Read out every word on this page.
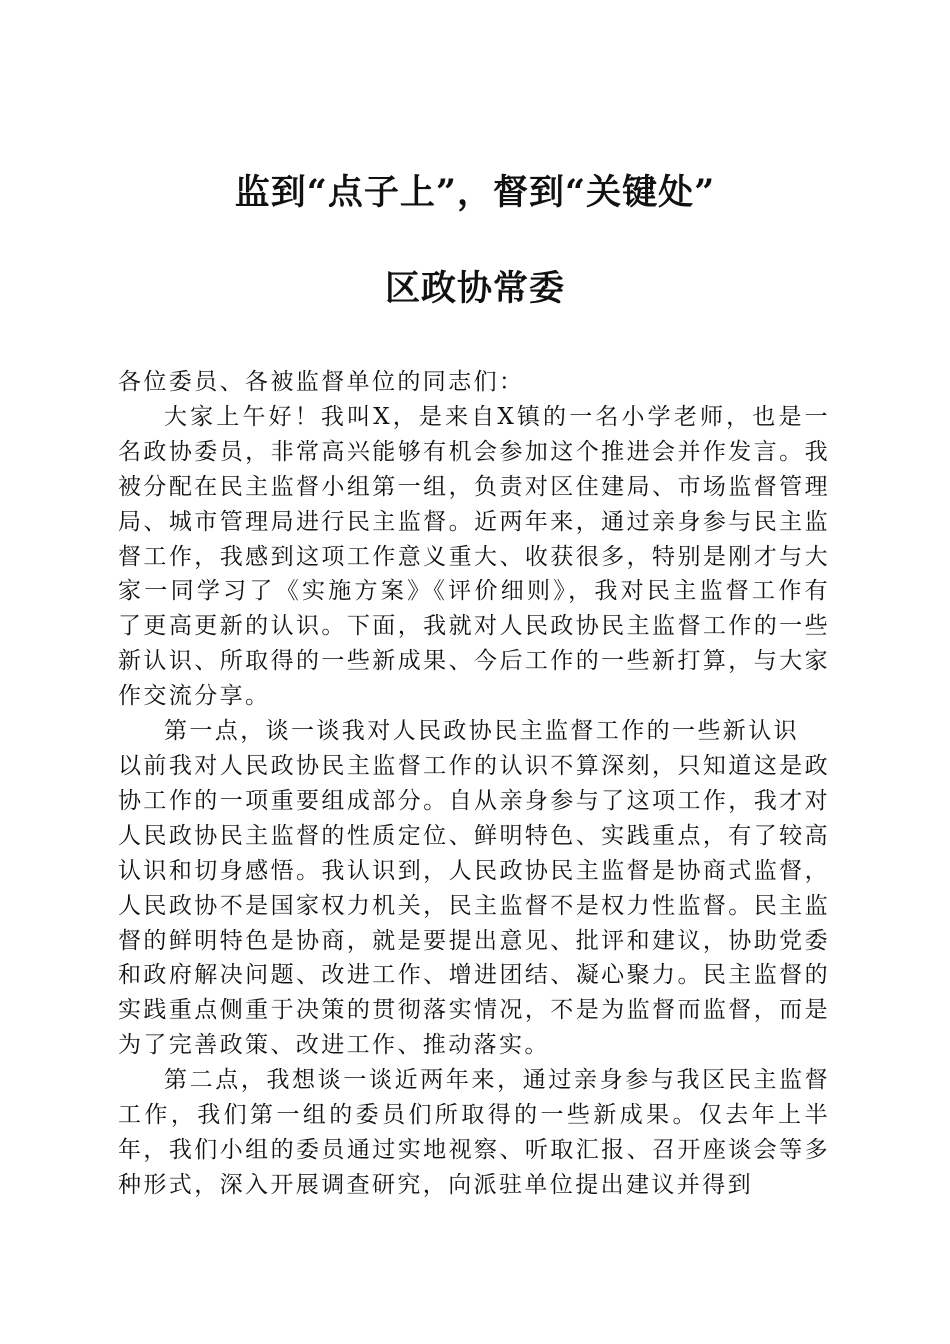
监到“点子上”，督到“关键处”
区政协常委

各位委员、各被监督单位的同志们：

大家上午好！我叫X，是来自X镇的一名小学老师，也是一名政协委员，非常高兴能够有机会参加这个推进会并作发言。我被分配在民主监督小组第一组，负责对区住建局、市场监督管理局、城市管理局进行民主监督。近两年来，通过亲身参与民主监督工作，我感到这项工作意义重大、收获很多，特别是刚才与大家一同学习了《实施方案》《评价细则》，我对民主监督工作有了更高更新的认识。下面，我就对人民政协民主监督工作的一些新认识、所取得的一些新成果、今后工作的一些新打算，与大家作交流分享。

第一点，谈一谈我对人民政协民主监督工作的一些新认识

以前我对人民政协民主监督工作的认识不算深刻，只知道这是政协工作的一项重要组成部分。自从亲身参与了这项工作，我才对人民政协民主监督的性质定位、鲜明特色、实践重点，有了较高认识和切身感悟。我认识到，人民政协民主监督是协商式监督，人民政协不是国家权力机关，民主监督不是权力性监督。民主监督的鲜明特色是协商，就是要提出意见、批评和建议，协助党委和政府解决问题、改进工作、增进团结、凝心聚力。民主监督的实践重点侧重于决策的贯彻落实情况，不是为监督而监督，而是为了完善政策、改进工作、推动落实。

第二点，我想谈一谈近两年来，通过亲身参与我区民主监督工作，我们第一组的委员们所取得的一些新成果。仅去年上半年，我们小组的委员通过实地视察、听取汇报、召开座谈会等多种形式，深入开展调查研究，向派驻单位提出建议并得到
